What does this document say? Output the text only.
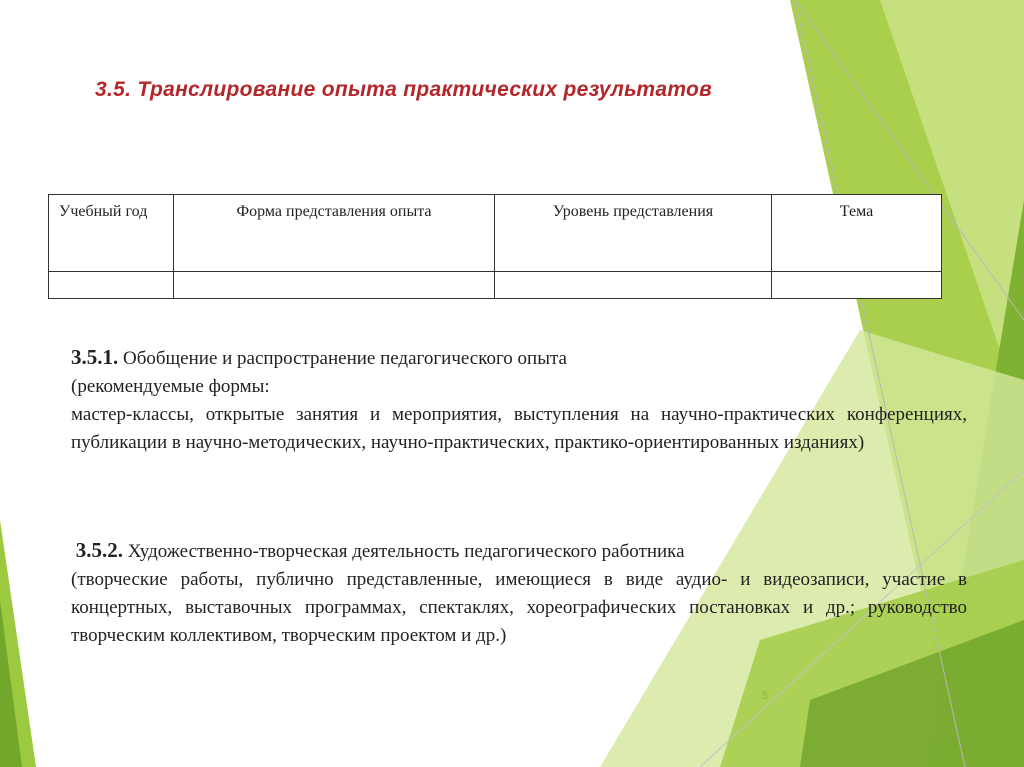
3.5. Транслирование опыта практических результатов
Учебный год	Форма представления опыта	Уровень представления	Тема

3.5.1. Обобщение и распространение педагогического опыта
(рекомендуемые формы:
мастер-классы, открытые занятия и мероприятия, выступления на научно-практических конференциях, публикации в научно-методических, научно-практических, практико-ориентированных изданиях)
3.5.2. Художественно-творческая деятельность педагогического работника
(творческие работы, публично представленные, имеющиеся в виде аудио- и видеозаписи, участие в концертных, выставочных программах, спектаклях, хореографических постановках и др.; руководство творческим коллективом, творческим проектом и др.)
5
